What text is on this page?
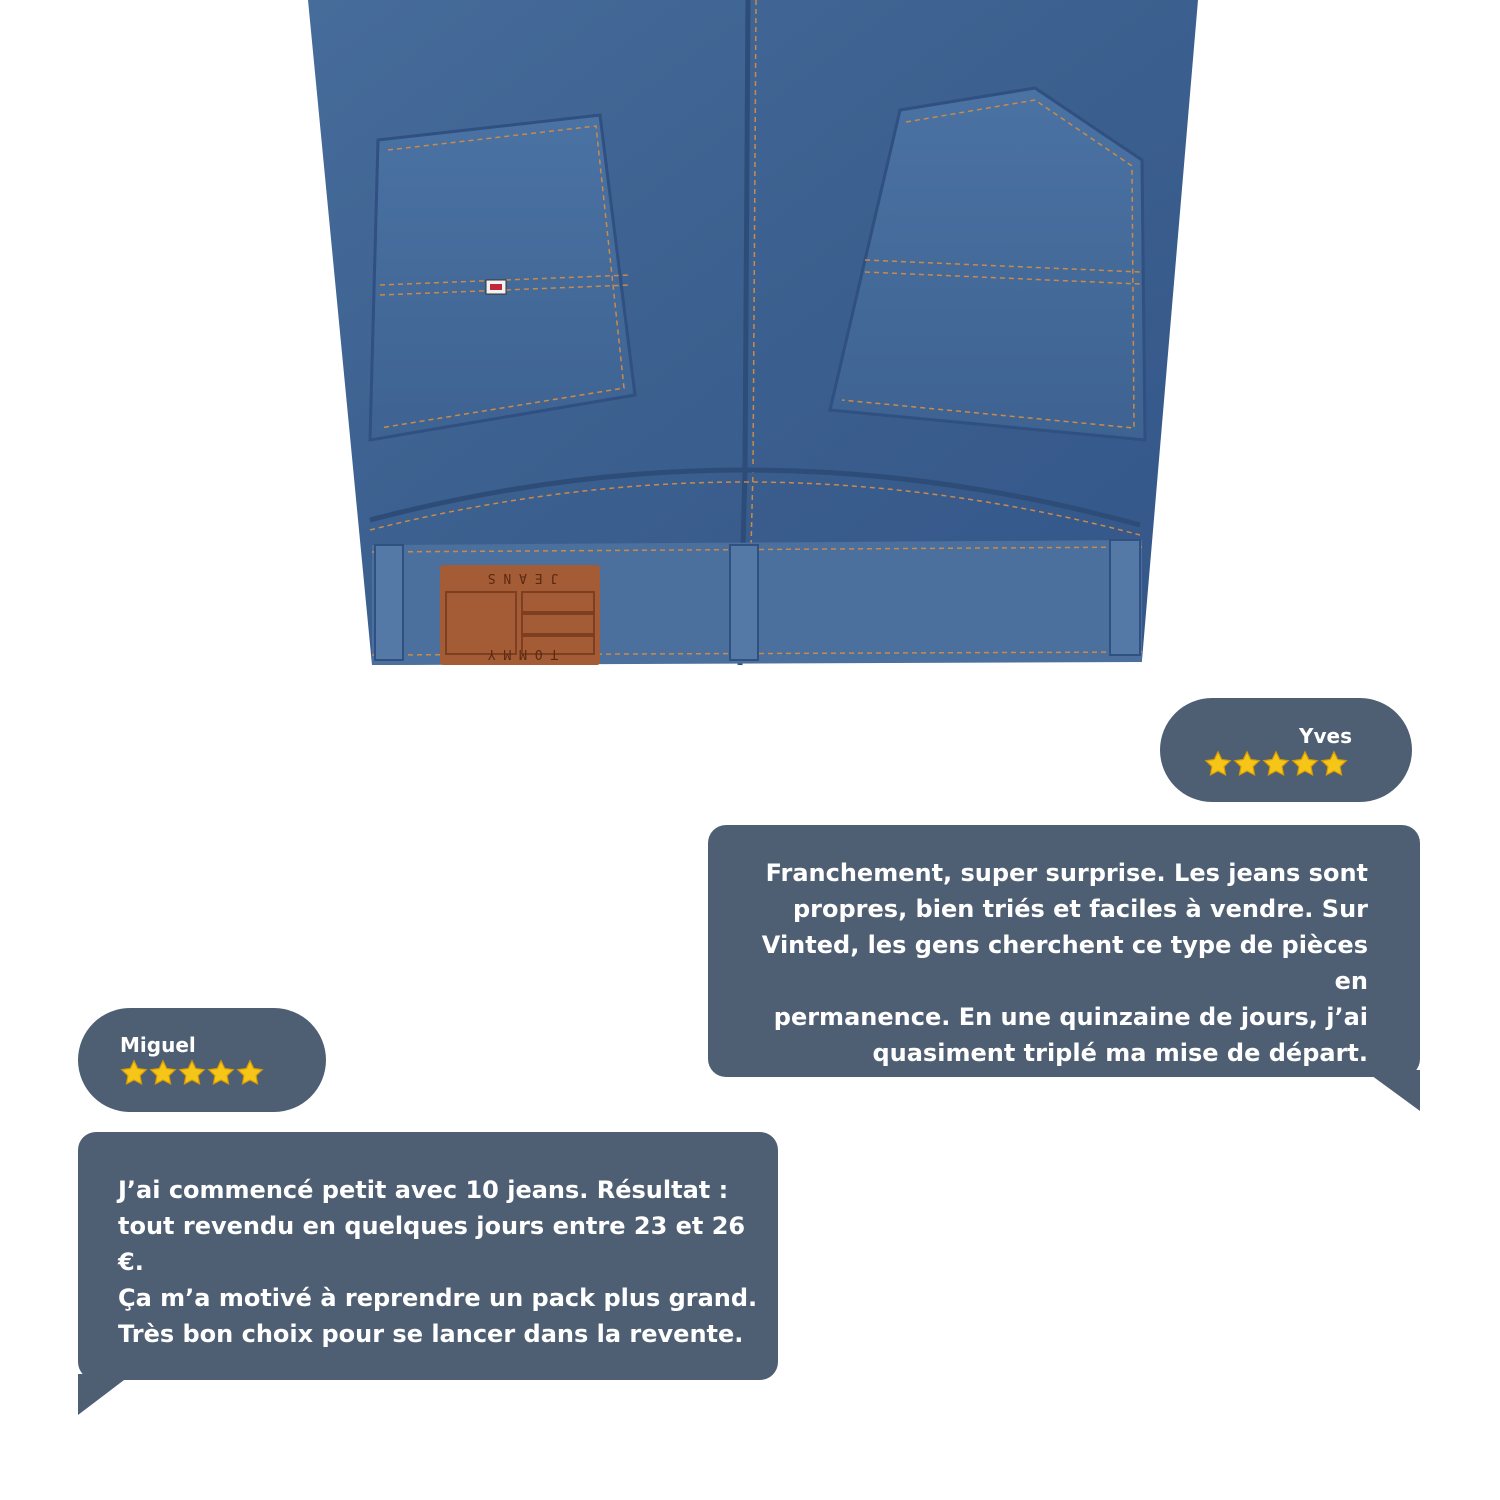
J E A N S
T O M M Y
Yves

Franchement, super surprise. Les jeans sont
propres, bien triés et faciles à vendre. Sur
Vinted, les gens cherchent ce type de pièces en
permanence. En une quinzaine de jours, j’ai
quasiment triplé ma mise de départ.

Miguel

J’ai commencé petit avec 10 jeans. Résultat :
tout revendu en quelques jours entre 23 et 26 €.
Ça m’a motivé à reprendre un pack plus grand.
Très bon choix pour se lancer dans la revente.
